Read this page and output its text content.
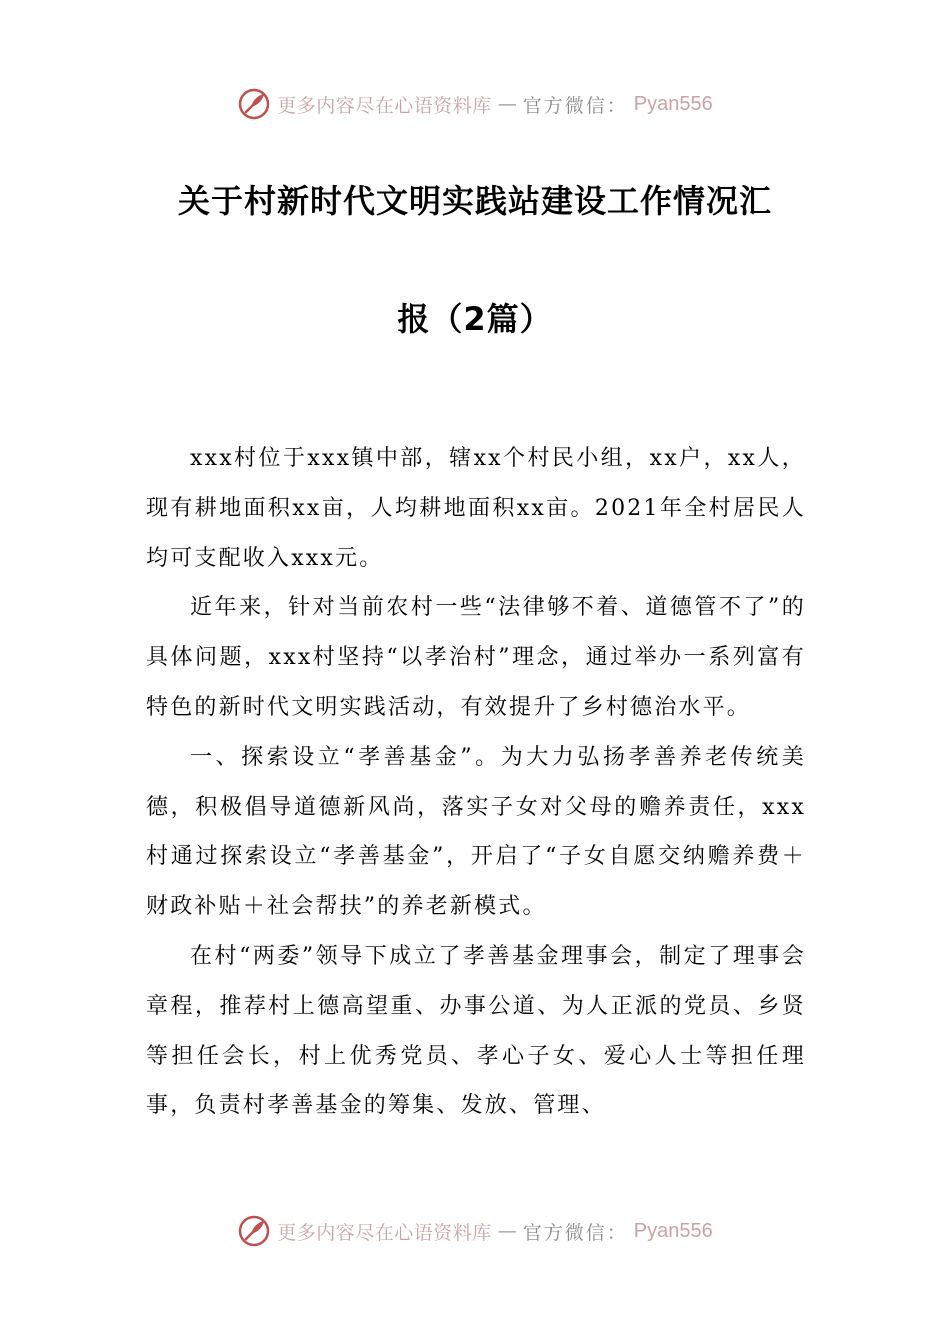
更多内容尽在心语资料库 — 官方微信： Pyan556
关于村新时代文明实践站建设工作情况汇
报（2篇）

xxx村位于xxx镇中部，辖xx个村民小组，xx户，xx人，现有耕地面积xx亩，人均耕地面积xx亩。2021年全村居民人均可支配收入xxx元。

近年来，针对当前农村一些“法律够不着、道德管不了”的具体问题，xxx村坚持“以孝治村”理念，通过举办一系列富有特色的新时代文明实践活动，有效提升了乡村德治水平。

一、探索设立“孝善基金”。为大力弘扬孝善养老传统美德，积极倡导道德新风尚，落实子女对父母的赡养责任，xxx村通过探索设立“孝善基金”，开启了“子女自愿交纳赡养费＋财政补贴＋社会帮扶”的养老新模式。

在村“两委”领导下成立了孝善基金理事会，制定了理事会章程，推荐村上德高望重、办事公道、为人正派的党员、乡贤等担任会长，村上优秀党员、孝心子女、爱心人士等担任理事，负责村孝善基金的筹集、发放、管理、

更多内容尽在心语资料库 — 官方微信： Pyan556
